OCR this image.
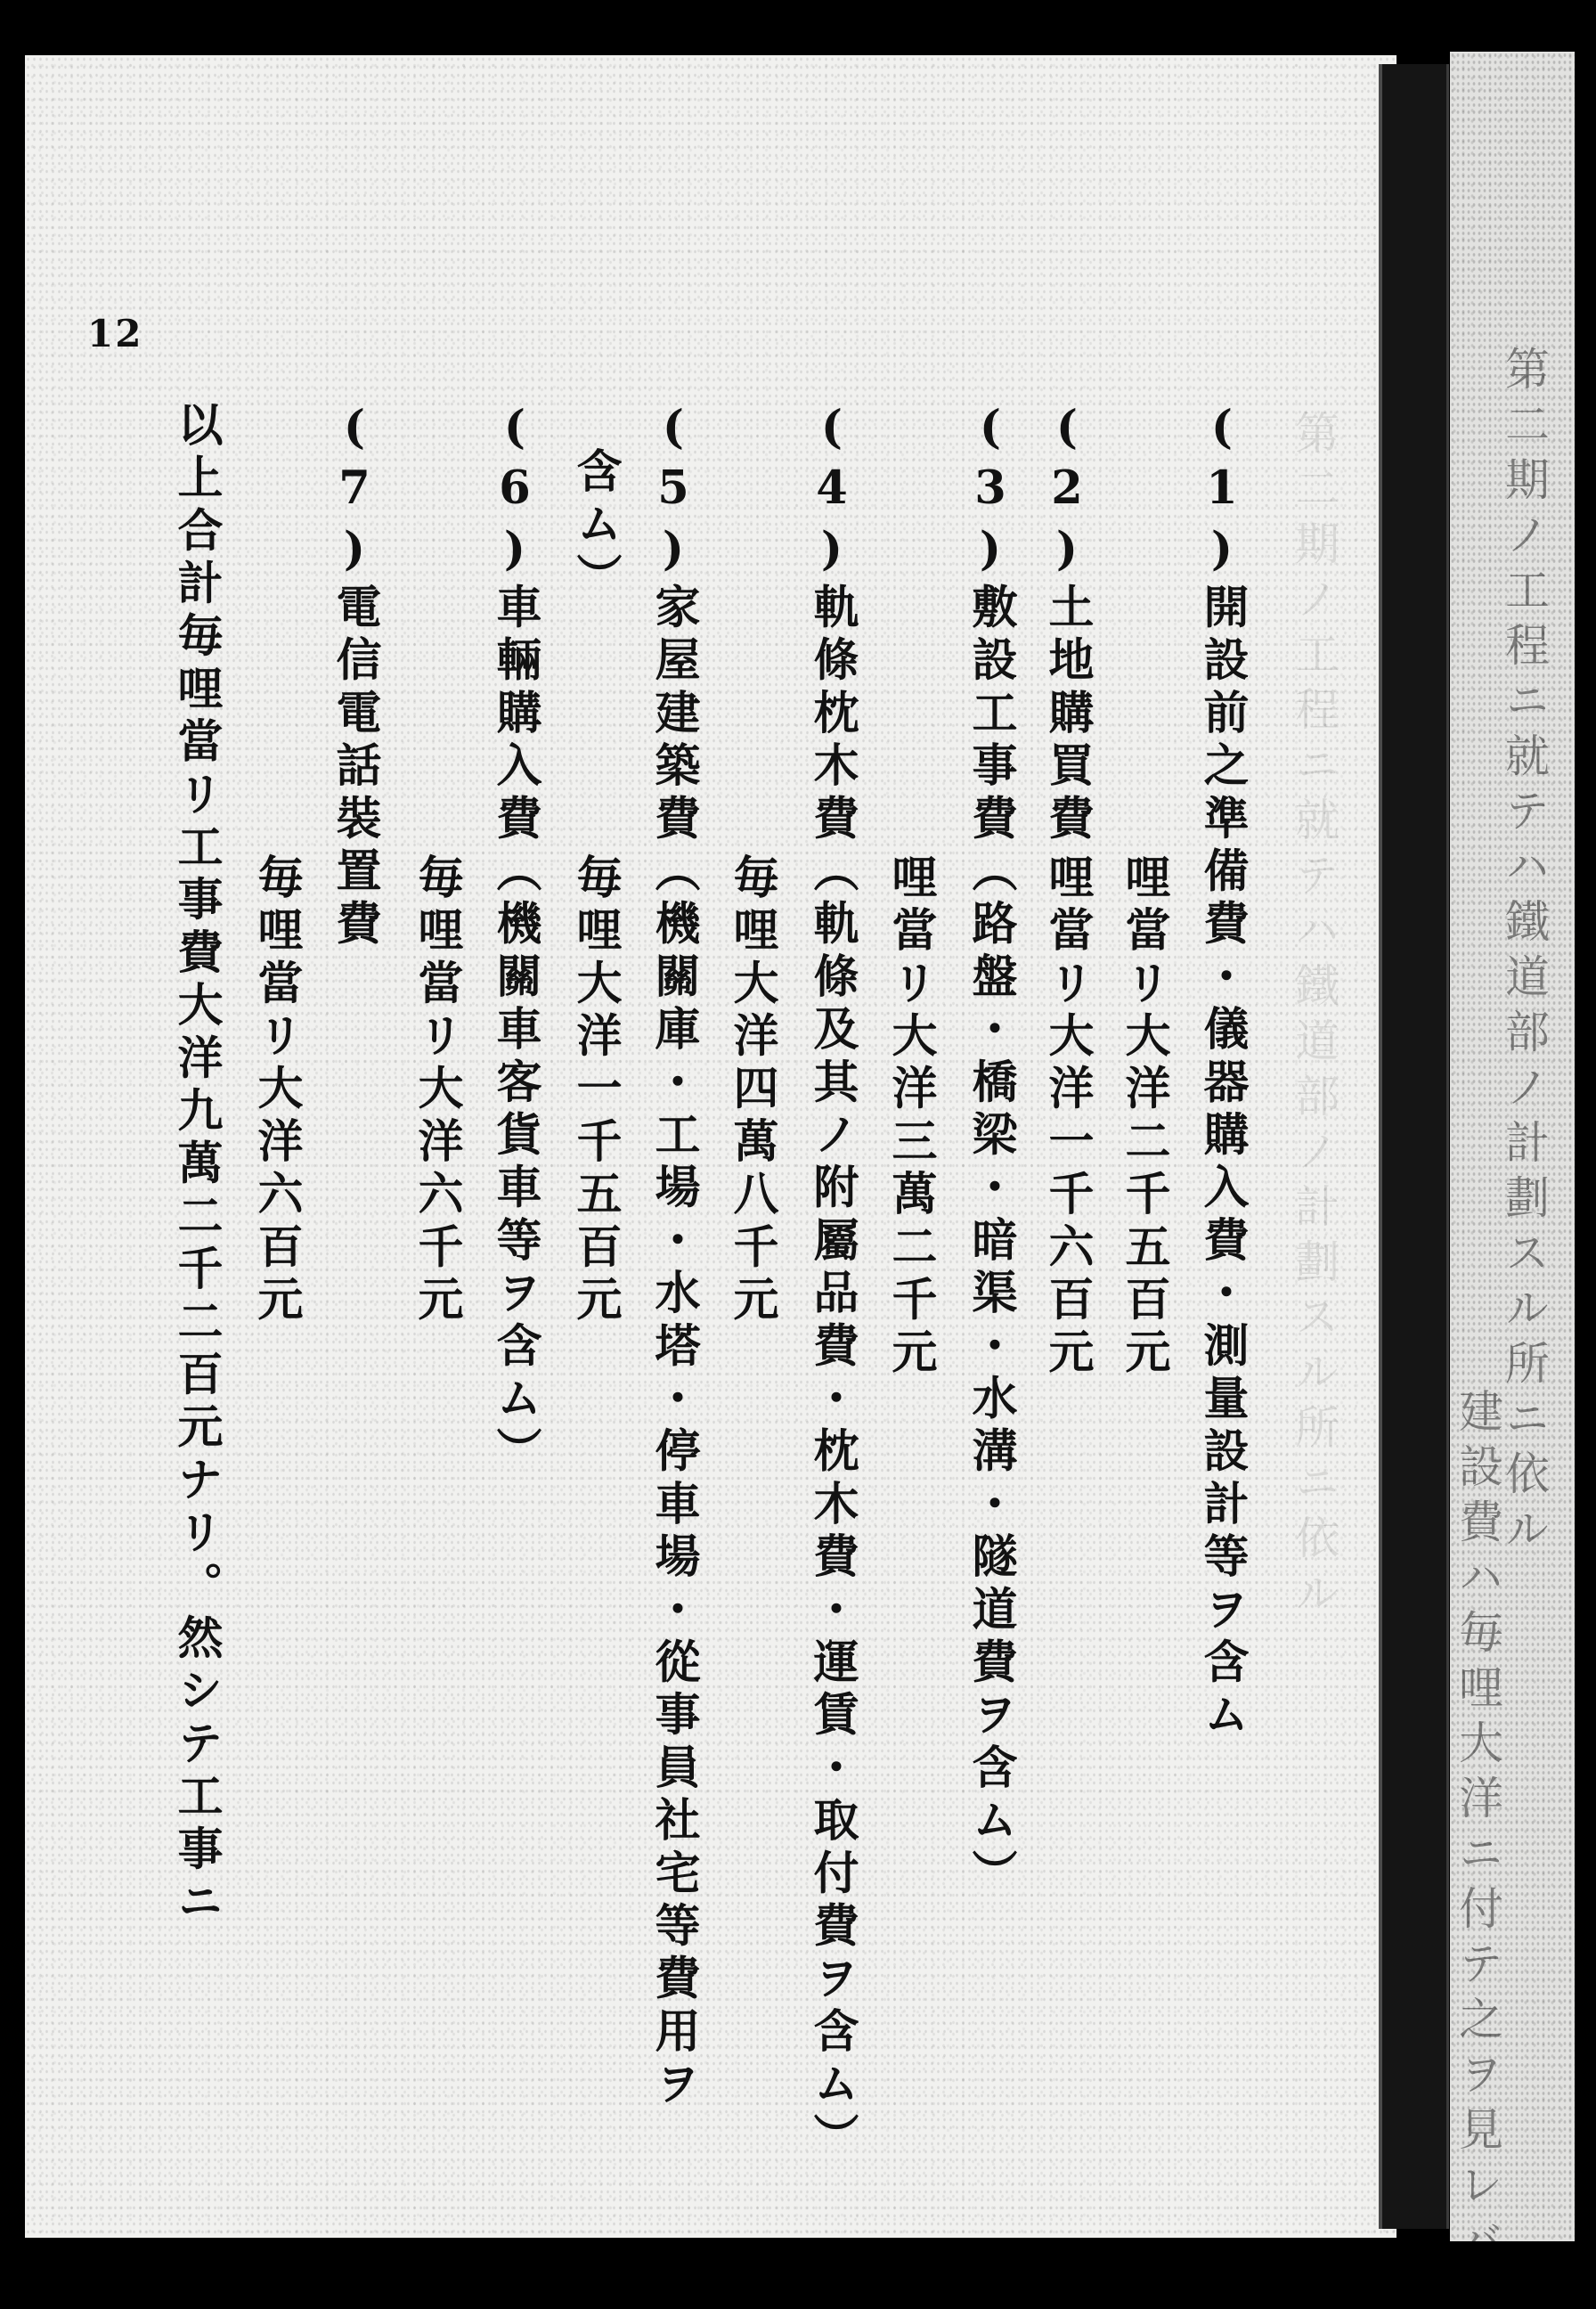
第二期ノ工程ニ就テハ鐵道部ノ計劃スル所ニ依ル
建設費ハ毎哩大洋ニ付テ之ヲ見レバ
第二期ノ工程ニ就テハ鐵道部ノ計劃スル所ニ依ル
12
(1)開設前之準備費・儀器購入費・測量設計等ヲ含ム
哩當リ大洋二千五百元
(2)土地購買費
哩當リ大洋一千六百元
(3)敷設工事費（路盤・橋梁・暗渠・水溝・隧道費ヲ含ム）
哩當リ大洋三萬二千元
(4)軌條枕木費（軌條及其ノ附屬品費・枕木費・運賃・取付費ヲ含ム）
毎哩大洋四萬八千元
(5)家屋建築費（機關庫・工場・水塔・停車場・從事員社宅等費用ヲ
含ム）
毎哩大洋一千五百元
(6)車輛購入費（機關車客貨車等ヲ含ム）
毎哩當リ大洋六千元
(7)電信電話裝置費
毎哩當リ大洋六百元
以上合計毎哩當リ工事費大洋九萬二千二百元ナリ。然シテ工事ニ
